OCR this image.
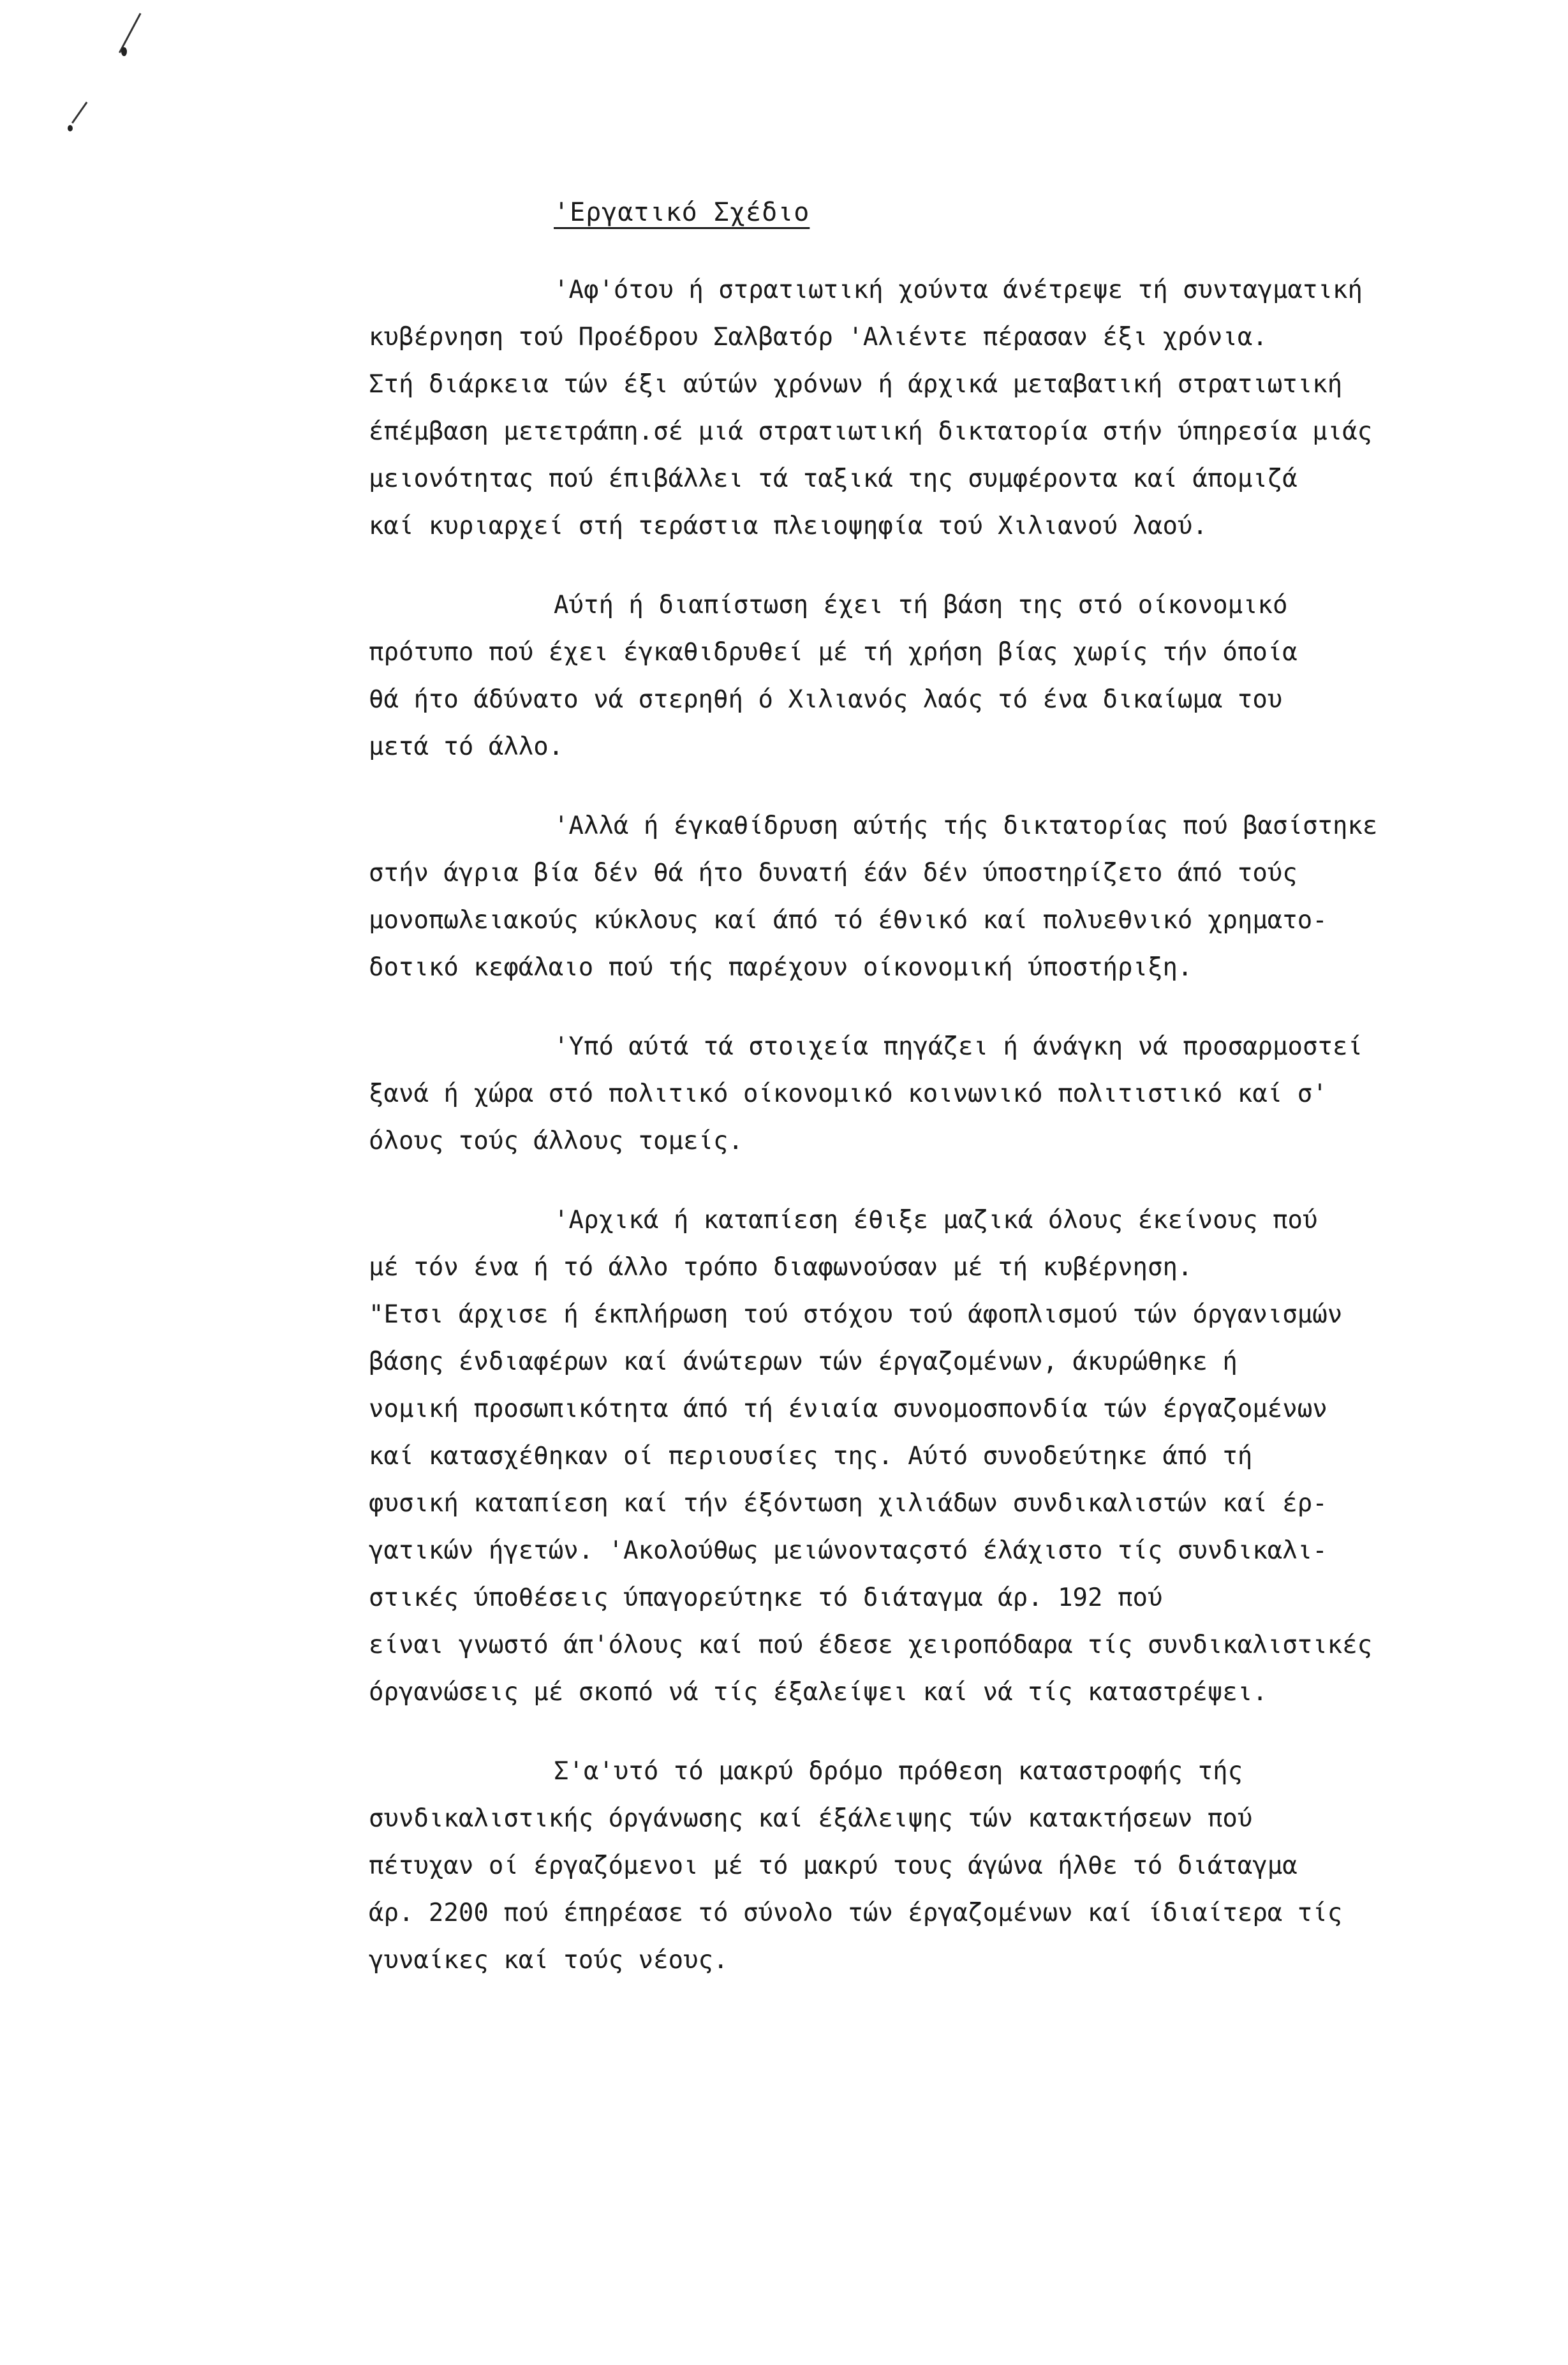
'Εργατικό Σχέδιο
'Αφ'ότου ή στρατιωτική χούντα άνέτρεψε τή συνταγματική
κυβέρνηση τού Προέδρου Σαλβατόρ 'Αλιέντε πέρασαν έξι χρόνια.
Στή διάρκεια τών έξι αύτών χρόνων ή άρχικά μεταβατική στρατιωτική
έπέμβαση μετετράπη.σέ μιά στρατιωτική δικτατορία στήν ύπηρεσία μιάς
μειονότητας πού έπιβάλλει τά ταξικά της συμφέροντα καί άπομιζά
καί κυριαρχεί στή τεράστια πλειοψηφία τού Χιλιανού λαού.
Αύτή ή διαπίστωση έχει τή βάση της στό οίκονομικό
πρότυπο πού έχει έγκαθιδρυθεί μέ τή χρήση βίας χωρίς τήν όποία
θά ήτο άδύνατο νά στερηθή ό Χιλιανός λαός τό ένα δικαίωμα του
μετά τό άλλο.
'Αλλά ή έγκαθίδρυση αύτής τής δικτατορίας πού βασίστηκε
στήν άγρια βία δέν θά ήτο δυνατή έάν δέν ύποστηρίζετο άπό τούς
μονοπωλειακούς κύκλους καί άπό τό έθνικό καί πολυεθνικό χρηματο-
δοτικό κεφάλαιο πού τής παρέχουν οίκονομική ύποστήριξη.
'Υπό αύτά τά στοιχεία πηγάζει ή άνάγκη νά προσαρμοστεί
ξανά ή χώρα στό πολιτικό οίκονομικό κοινωνικό πολιτιστικό καί σ'
όλους τούς άλλους τομείς.
'Αρχικά ή καταπίεση έθιξε μαζικά όλους έκείνους πού
μέ τόν ένα ή τό άλλο τρόπο διαφωνούσαν μέ τή κυβέρνηση.
"Ετσι άρχισε ή έκπλήρωση τού στόχου τού άφοπλισμού τών όργανισμών
βάσης ένδιαφέρων καί άνώτερων τών έργαζομένων, άκυρώθηκε ή
νομική προσωπικότητα άπό τή ένιαία συνομοσπονδία τών έργαζομένων
καί κατασχέθηκαν οί περιουσίες της. Αύτό συνοδεύτηκε άπό τή
φυσική καταπίεση καί τήν έξόντωση χιλιάδων συνδικαλιστών καί έρ-
γατικών ήγετών. 'Ακολούθως μειώνονταςστό έλάχιστο τίς συνδικαλι-
στικές ύποθέσεις ύπαγορεύτηκε τό διάταγμα άρ. 192 πού
είναι γνωστό άπ'όλους καί πού έδεσε χειροπόδαρα τίς συνδικαλιστικές
όργανώσεις μέ σκοπό νά τίς έξαλείψει καί νά τίς καταστρέψει.
Σ'α'υτό τό μακρύ δρόμο πρόθεση καταστροφής τής
συνδικαλιστικής όργάνωσης καί έξάλειψης τών κατακτήσεων πού
πέτυχαν οί έργαζόμενοι μέ τό μακρύ τους άγώνα ήλθε τό διάταγμα
άρ. 2200 πού έπηρέασε τό σύνολο τών έργαζομένων καί ίδιαίτερα τίς
γυναίκες καί τούς νέους.
